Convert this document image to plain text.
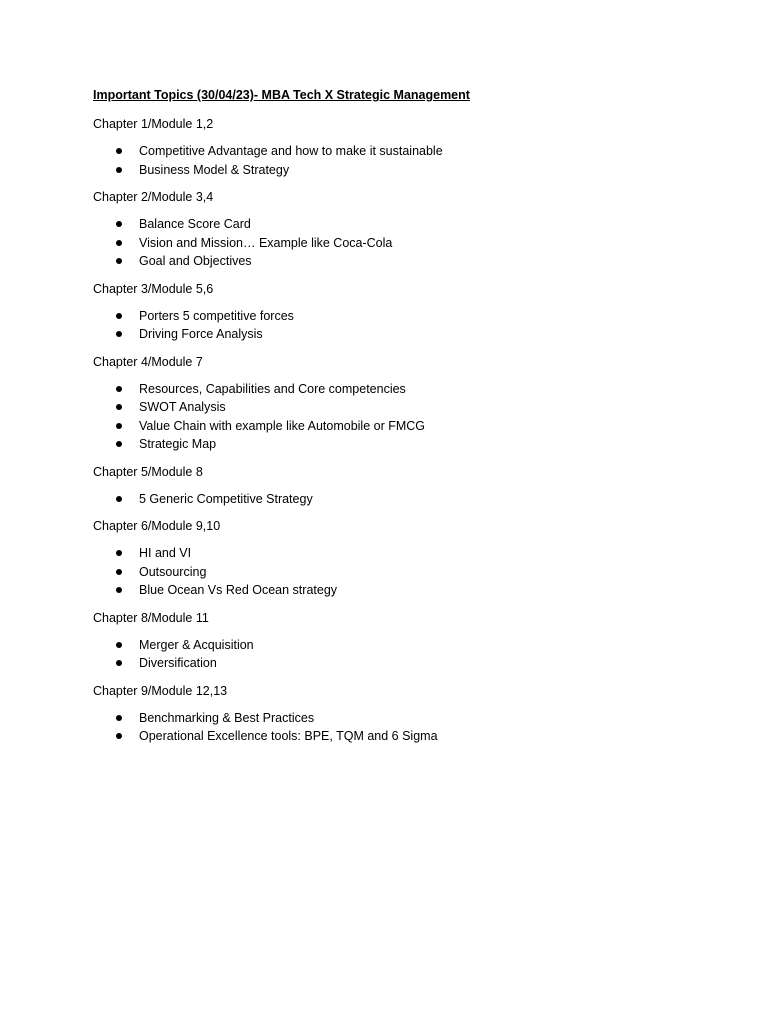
Important Topics (30/04/23)- MBA Tech X Strategic Management
Chapter 1/Module 1,2
Competitive Advantage and how to make it sustainable
Business Model & Strategy
Chapter 2/Module 3,4
Balance Score Card
Vision and Mission… Example like Coca-Cola
Goal and Objectives
Chapter 3/Module 5,6
Porters 5 competitive forces
Driving Force Analysis
Chapter 4/Module 7
Resources, Capabilities and Core competencies
SWOT Analysis
Value Chain with example like Automobile or FMCG
Strategic Map
Chapter 5/Module 8
5 Generic Competitive Strategy
Chapter 6/Module 9,10
HI and VI
Outsourcing
Blue Ocean Vs Red Ocean strategy
Chapter 8/Module 11
Merger & Acquisition
Diversification
Chapter 9/Module 12,13
Benchmarking & Best Practices
Operational Excellence tools: BPE, TQM and 6 Sigma
